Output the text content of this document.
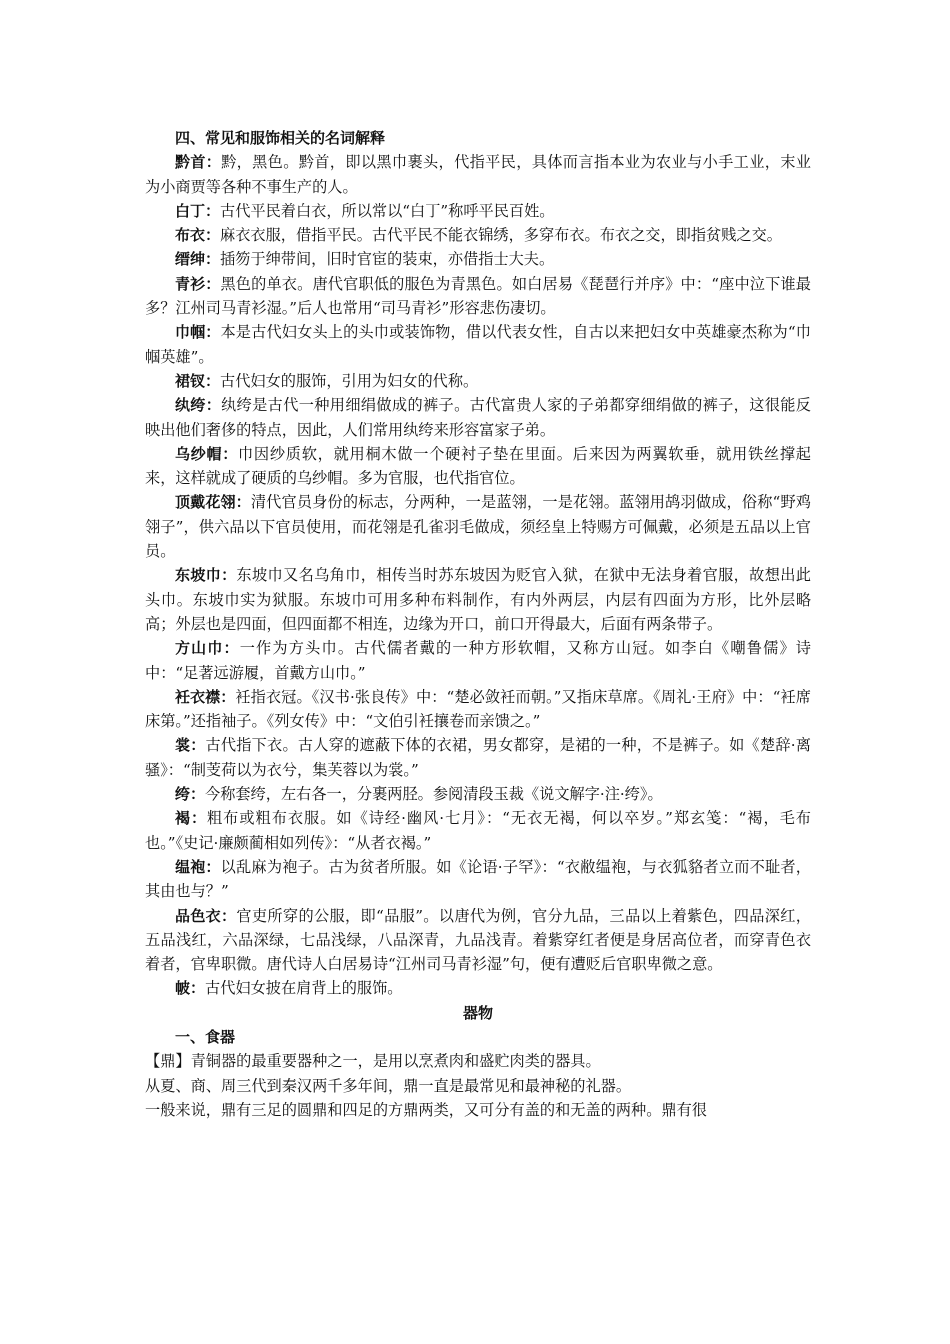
四、常见和服饰相关的名词解释

黔首：黔，黑色。黔首，即以黑巾裹头，代指平民，具体而言指本业为农业与小手工业，末业为小商贾等各种不事生产的人。

白丁：古代平民着白衣，所以常以“白丁”称呼平民百姓。

布衣：麻衣衣服，借指平民。古代平民不能衣锦绣，多穿布衣。布衣之交，即指贫贱之交。

缙绅：插笏于绅带间，旧时官宦的装束，亦借指士大夫。

青衫：黑色的单衣。唐代官职低的服色为青黑色。如白居易《琵琶行并序》中：“座中泣下谁最多？江州司马青衫湿。”后人也常用“司马青衫”形容悲伤凄切。

巾帼：本是古代妇女头上的头巾或装饰物，借以代表女性，自古以来把妇女中英雄豪杰称为“巾帼英雄”。

裙钗：古代妇女的服饰，引用为妇女的代称。

纨绔：纨绔是古代一种用细绢做成的裤子。古代富贵人家的子弟都穿细绢做的裤子，这很能反映出他们奢侈的特点，因此，人们常用纨绔来形容富家子弟。

乌纱帽：巾因纱质软，就用桐木做一个硬衬子垫在里面。后来因为两翼软垂，就用铁丝撑起来，这样就成了硬质的乌纱帽。多为官服，也代指官位。

顶戴花翎：清代官员身份的标志，分两种，一是蓝翎，一是花翎。蓝翎用鸪羽做成，俗称“野鸡翎子”，供六品以下官员使用，而花翎是孔雀羽毛做成，须经皇上特赐方可佩戴，必须是五品以上官员。

东坡巾：东坡巾又名乌角巾，相传当时苏东坡因为贬官入狱，在狱中无法身着官服，故想出此头巾。东坡巾实为狱服。东坡巾可用多种布料制作，有内外两层，内层有四面为方形，比外层略高；外层也是四面，但四面都不相连，边缘为开口，前口开得最大，后面有两条带子。

方山巾：一作为方头巾。古代儒者戴的一种方形软帽，又称方山冠。如李白《嘲鲁儒》诗中：“足著远游履，首戴方山巾。”

衽衣襟：衽指衣冠。《汉书·张良传》中：“楚必敛衽而朝。”又指床草席。《周礼·王府》中：“衽席床第。”还指袖子。《列女传》中：“文伯引衽攘卷而亲馈之。”

裳：古代指下衣。古人穿的遮蔽下体的衣裙，男女都穿，是裙的一种，不是裤子。如《楚辞·离骚》：“制芰荷以为衣兮，集芙蓉以为裳。”

绔：今称套绔，左右各一，分裹两胫。参阅清段玉裁《说文解字·注·绔》。

褐：粗布或粗布衣服。如《诗经·幽风·七月》：“无衣无褐，何以卒岁。”郑玄笺：“褐，毛布也。”《史记·廉颇蔺相如列传》：“从者衣褐。”

缊袍：以乱麻为袍子。古为贫者所服。如《论语·子罕》：“衣敝缊袍，与衣狐貉者立而不耻者，其由也与？”

品色衣：官吏所穿的公服，即“品服”。以唐代为例，官分九品，三品以上着紫色，四品深红，五品浅红，六品深绿，七品浅绿，八品深青，九品浅青。着紫穿红者便是身居高位者，而穿青色衣着者，官卑职微。唐代诗人白居易诗“江州司马青衫湿”句，便有遭贬后官职卑微之意。

帔：古代妇女披在肩背上的服饰。

器物
一、食器

【鼎】青铜器的最重要器种之一，是用以烹煮肉和盛贮肉类的器具。

从夏、商、周三代到秦汉两千多年间，鼎一直是最常见和最神秘的礼器。

一般来说，鼎有三足的圆鼎和四足的方鼎两类，又可分有盖的和无盖的两种。鼎有很
